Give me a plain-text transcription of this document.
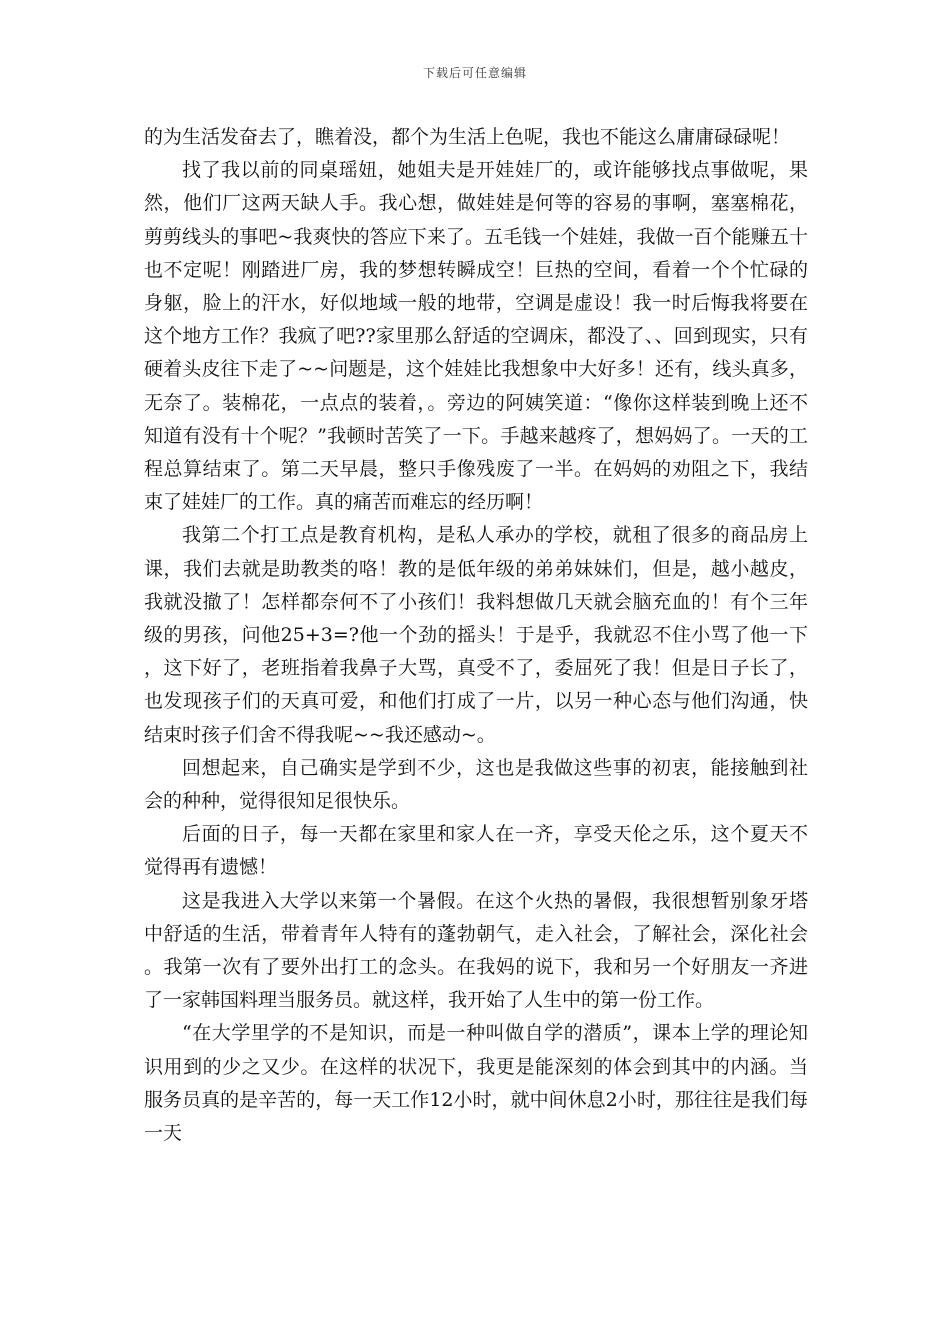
下载后可任意编辑

的为生活发奋去了，瞧着没，都个为生活上色呢，我也不能这么庸庸碌碌呢！

找了我以前的同桌瑶妞，她姐夫是开娃娃厂的，或许能够找点事做呢，果然，他们厂这两天缺人手。我心想，做娃娃是何等的容易的事啊，塞塞棉花，剪剪线头的事吧~我爽快的答应下来了。五毛钱一个娃娃，我做一百个能赚五十也不定呢！刚踏进厂房，我的梦想转瞬成空！巨热的空间，看着一个个忙碌的身躯，脸上的汗水，好似地域一般的地带，空调是虚设！我一时后悔我将要在这个地方工作？我疯了吧??家里那么舒适的空调床，都没了、、回到现实，只有硬着头皮往下走了~~问题是，这个娃娃比我想象中大好多！还有，线头真多，无奈了。装棉花，一点点的装着，。旁边的阿姨笑道：“像你这样装到晚上还不知道有没有十个呢？”我顿时苦笑了一下。手越来越疼了，想妈妈了。一天的工程总算结束了。第二天早晨，整只手像残废了一半。在妈妈的劝阻之下，我结束了娃娃厂的工作。真的痛苦而难忘的经历啊！

我第二个打工点是教育机构，是私人承办的学校，就租了很多的商品房上课，我们去就是助教类的咯！教的是低年级的弟弟妹妹们，但是，越小越皮，我就没撤了！怎样都奈何不了小孩们！我料想做几天就会脑充血的！有个三年级的男孩，问他25+3=?他一个劲的摇头！于是乎，我就忍不住小骂了他一下，这下好了，老班指着我鼻子大骂，真受不了，委屈死了我！但是日子长了，也发现孩子们的天真可爱，和他们打成了一片，以另一种心态与他们沟通，快结束时孩子们舍不得我呢~~我还感动~。

回想起来，自己确实是学到不少，这也是我做这些事的初衷，能接触到社会的种种，觉得很知足很快乐。

后面的日子，每一天都在家里和家人在一齐，享受天伦之乐，这个夏天不觉得再有遗憾！

这是我进入大学以来第一个暑假。在这个火热的暑假，我很想暂别象牙塔中舒适的生活，带着青年人特有的蓬勃朝气，走入社会，了解社会，深化社会。我第一次有了要外出打工的念头。在我妈的说下，我和另一个好朋友一齐进了一家韩国料理当服务员。就这样，我开始了人生中的第一份工作。

“在大学里学的不是知识，而是一种叫做自学的潜质”，课本上学的理论知识用到的少之又少。在这样的状况下，我更是能深刻的体会到其中的内涵。当服务员真的是辛苦的，每一天工作12小时，就中间休息2小时，那往往是我们每一天
